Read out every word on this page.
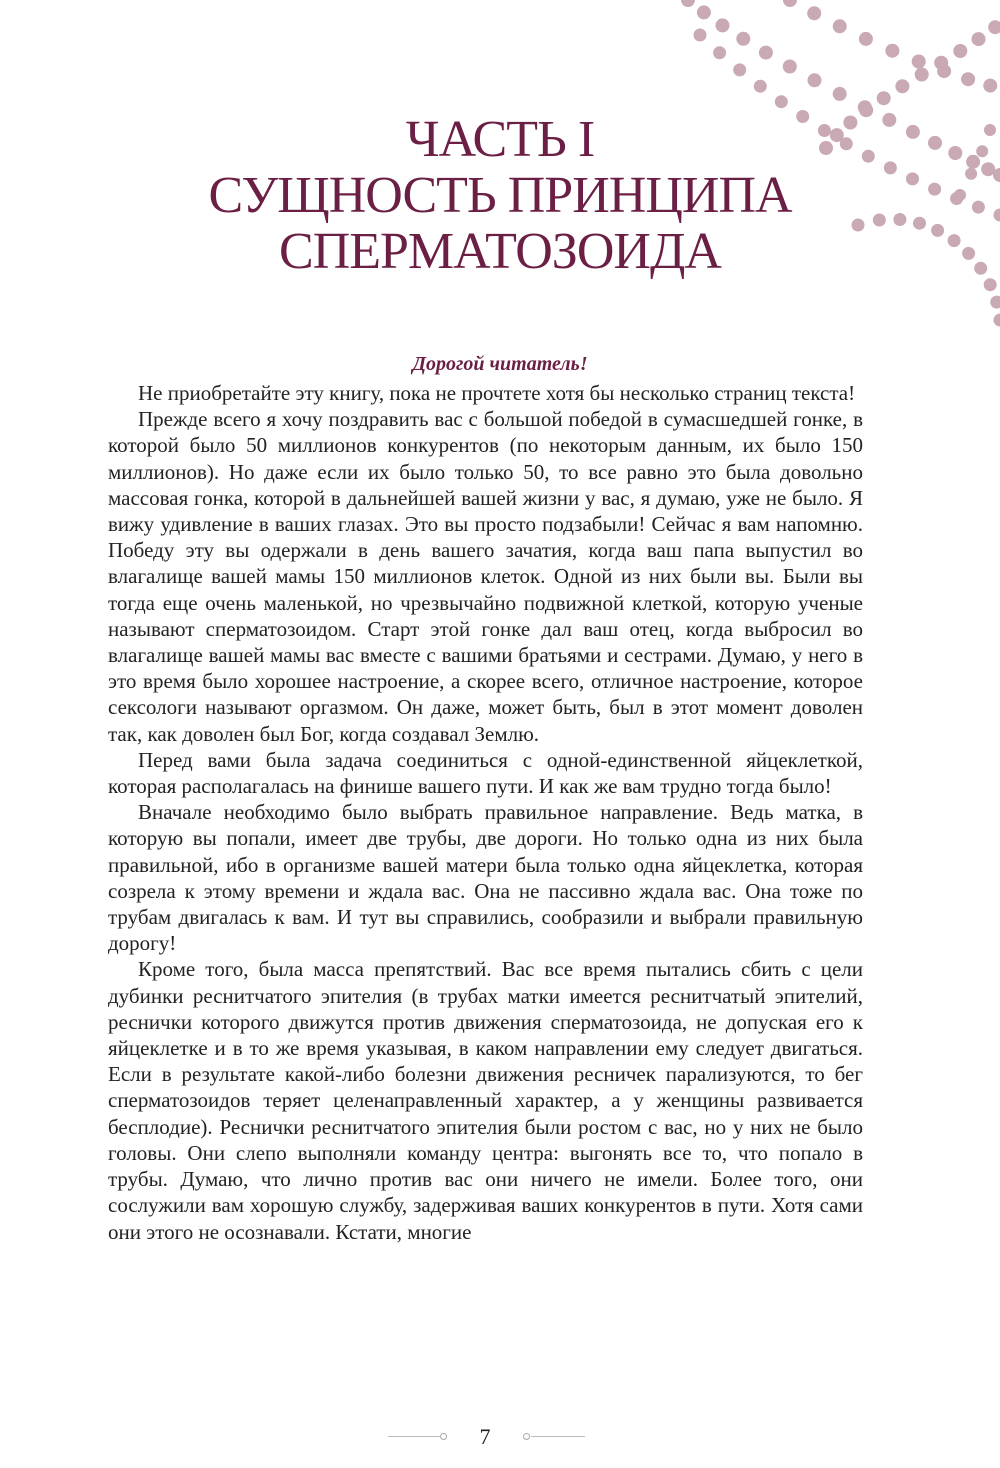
ЧАСТЬ I
СУЩНОСТЬ ПРИНЦИПА
СПЕРМАТОЗОИДА
Дорогой читатель!

Не приобретайте эту книгу, пока не прочтете хотя бы несколько страниц текста!

Прежде всего я хочу поздравить вас с большой победой в сумасшедшей гонке, в которой было 50 миллионов конкурентов (по некоторым данным, их было 150 миллионов). Но даже если их было только 50, то все равно это была довольно массовая гонка, которой в дальнейшей вашей жизни у вас, я думаю, уже не было. Я вижу удивление в ваших глазах. Это вы просто подзабыли! Сейчас я вам напомню. Победу эту вы одержали в день вашего зачатия, когда ваш папа выпустил во влагалище вашей мамы 150 миллионов клеток. Одной из них были вы. Были вы тогда еще очень маленькой, но чрезвычайно подвижной клеткой, которую ученые называют сперматозоидом. Старт этой гонке дал ваш отец, когда выбросил во влагалище вашей мамы вас вместе с вашими братьями и сестрами. Думаю, у него в это время было хорошее настроение, а скорее всего, отличное настроение, которое сексологи называют оргазмом. Он даже, может быть, был в этот момент доволен так, как доволен был Бог, когда создавал Землю.

Перед вами была задача соединиться с одной-единственной яйцеклеткой, которая располагалась на финише вашего пути. И как же вам трудно тогда было!

Вначале необходимо было выбрать правильное направление. Ведь матка, в которую вы попали, имеет две трубы, две дороги. Но только одна из них была правильной, ибо в организме вашей матери была только одна яйцеклетка, которая созрела к этому времени и ждала вас. Она не пассивно ждала вас. Она тоже по трубам двигалась к вам. И тут вы справились, сообразили и выбрали правильную дорогу!

Кроме того, была масса препятствий. Вас все время пытались сбить с цели дубинки реснитчатого эпителия (в трубах матки имеется реснитчатый эпителий, реснички которого движутся против движения сперматозоида, не допуская его к яйцеклетке и в то же время указывая, в каком направлении ему следует двигаться. Если в результате какой-либо болезни движения ресничек парализуются, то бег сперматозоидов теряет целенаправленный характер, а у женщины развивается бесплодие). Реснички реснитчатого эпителия были ростом с вас, но у них не было головы. Они слепо выполняли команду центра: выгонять все то, что попало в трубы. Думаю, что лично против вас они ничего не имели. Более того, они сослужили вам хорошую службу, задерживая ваших конкурентов в пути. Хотя сами они этого не осознавали. Кстати, многие

7
